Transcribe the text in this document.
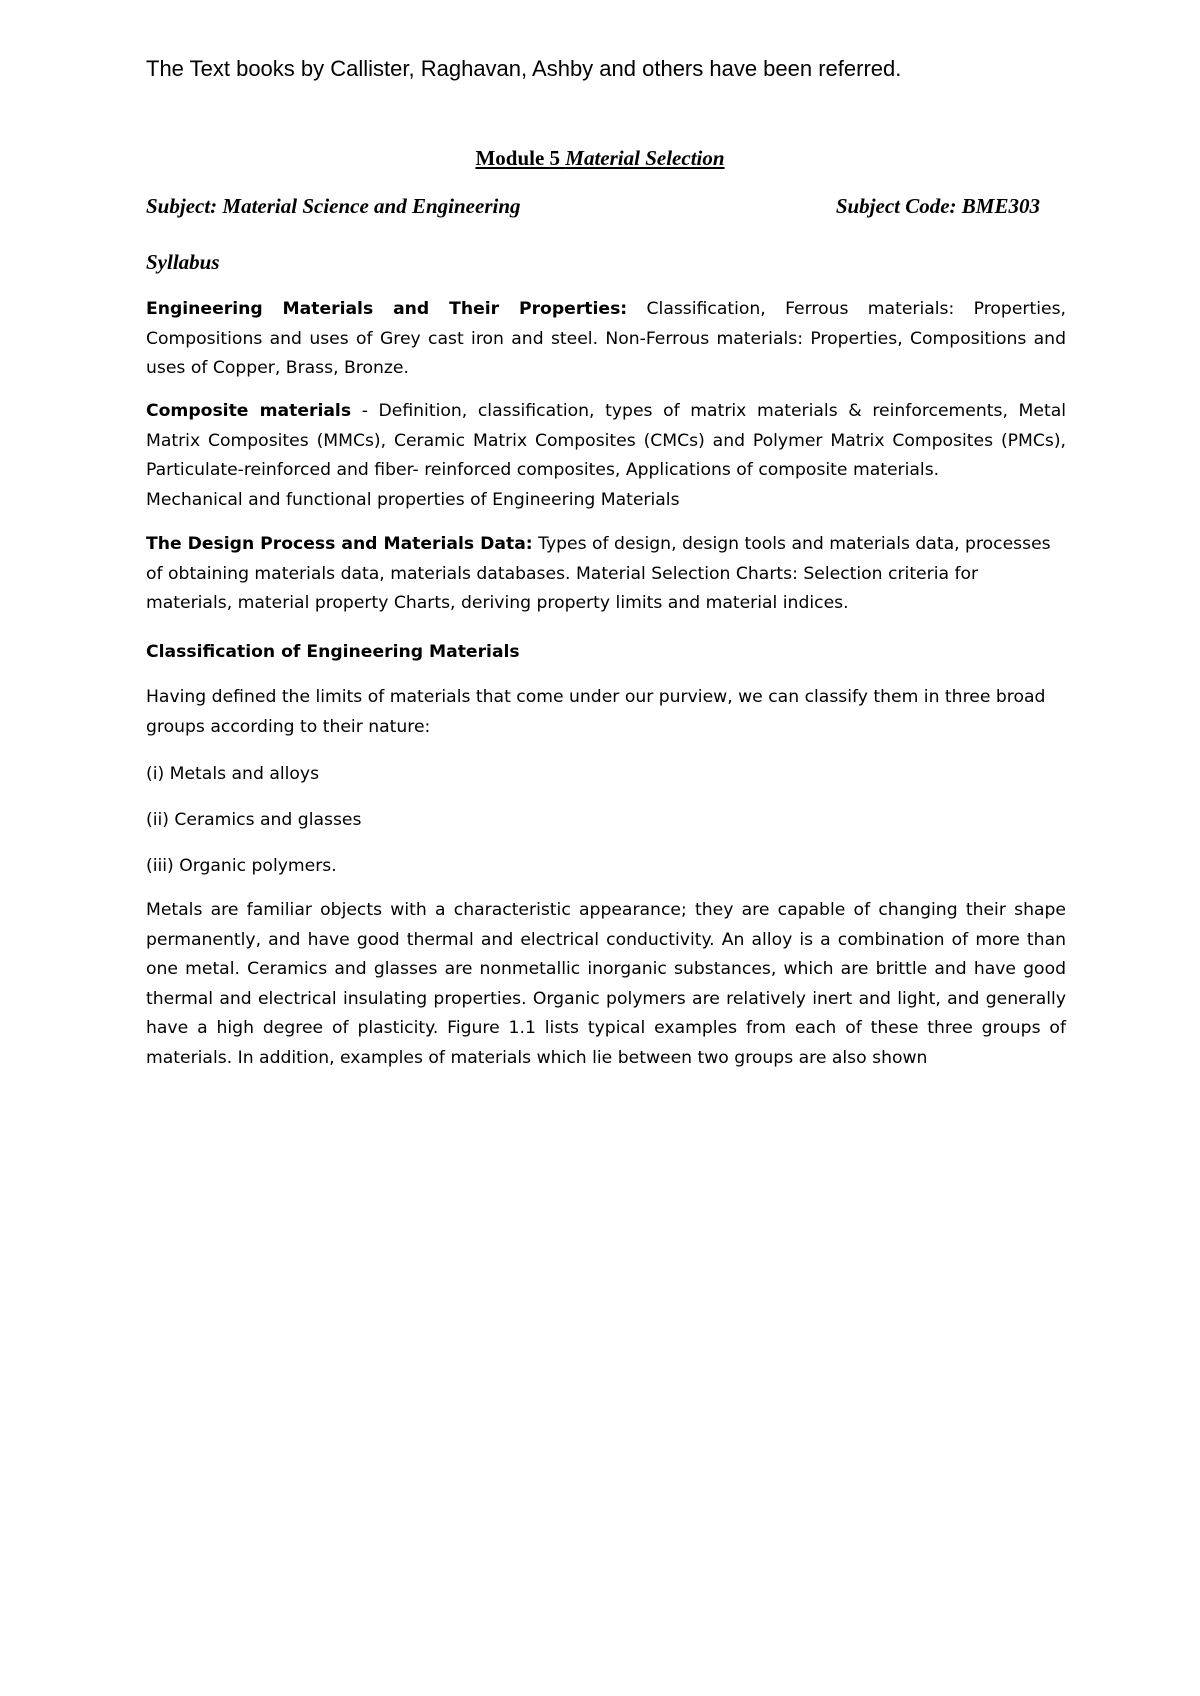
The Text books by Callister, Raghavan, Ashby and others have been referred.
Module 5 Material Selection
Subject: Material Science and Engineering	Subject Code: BME303
Syllabus

Engineering Materials and Their Properties: Classification, Ferrous materials: Properties, Compositions and uses of Grey cast iron and steel. Non-Ferrous materials: Properties, Compositions and uses of Copper, Brass, Bronze.

Composite materials - Definition, classification, types of matrix materials & reinforcements, Metal Matrix Composites (MMCs), Ceramic Matrix Composites (CMCs) and Polymer Matrix Composites (PMCs), Particulate-reinforced and fiber- reinforced composites, Applications of composite materials.

Mechanical and functional properties of Engineering Materials

The Design Process and Materials Data: Types of design, design tools and materials data, processes of obtaining materials data, materials databases. Material Selection Charts: Selection criteria for materials, material property Charts, deriving property limits and material indices.

Classification of Engineering Materials

Having defined the limits of materials that come under our purview, we can classify them in three broad groups according to their nature:

(i) Metals and alloys
(ii) Ceramics and glasses
(iii) Organic polymers.

Metals are familiar objects with a characteristic appearance; they are capable of changing their shape permanently, and have good thermal and electrical conductivity. An alloy is a combination of more than one metal. Ceramics and glasses are nonmetallic inorganic substances, which are brittle and have good thermal and electrical insulating properties. Organic polymers are relatively inert and light, and generally have a high degree of plasticity. Figure 1.1 lists typical examples from each of these three groups of materials. In addition, examples of materials which lie between two groups are also shown
